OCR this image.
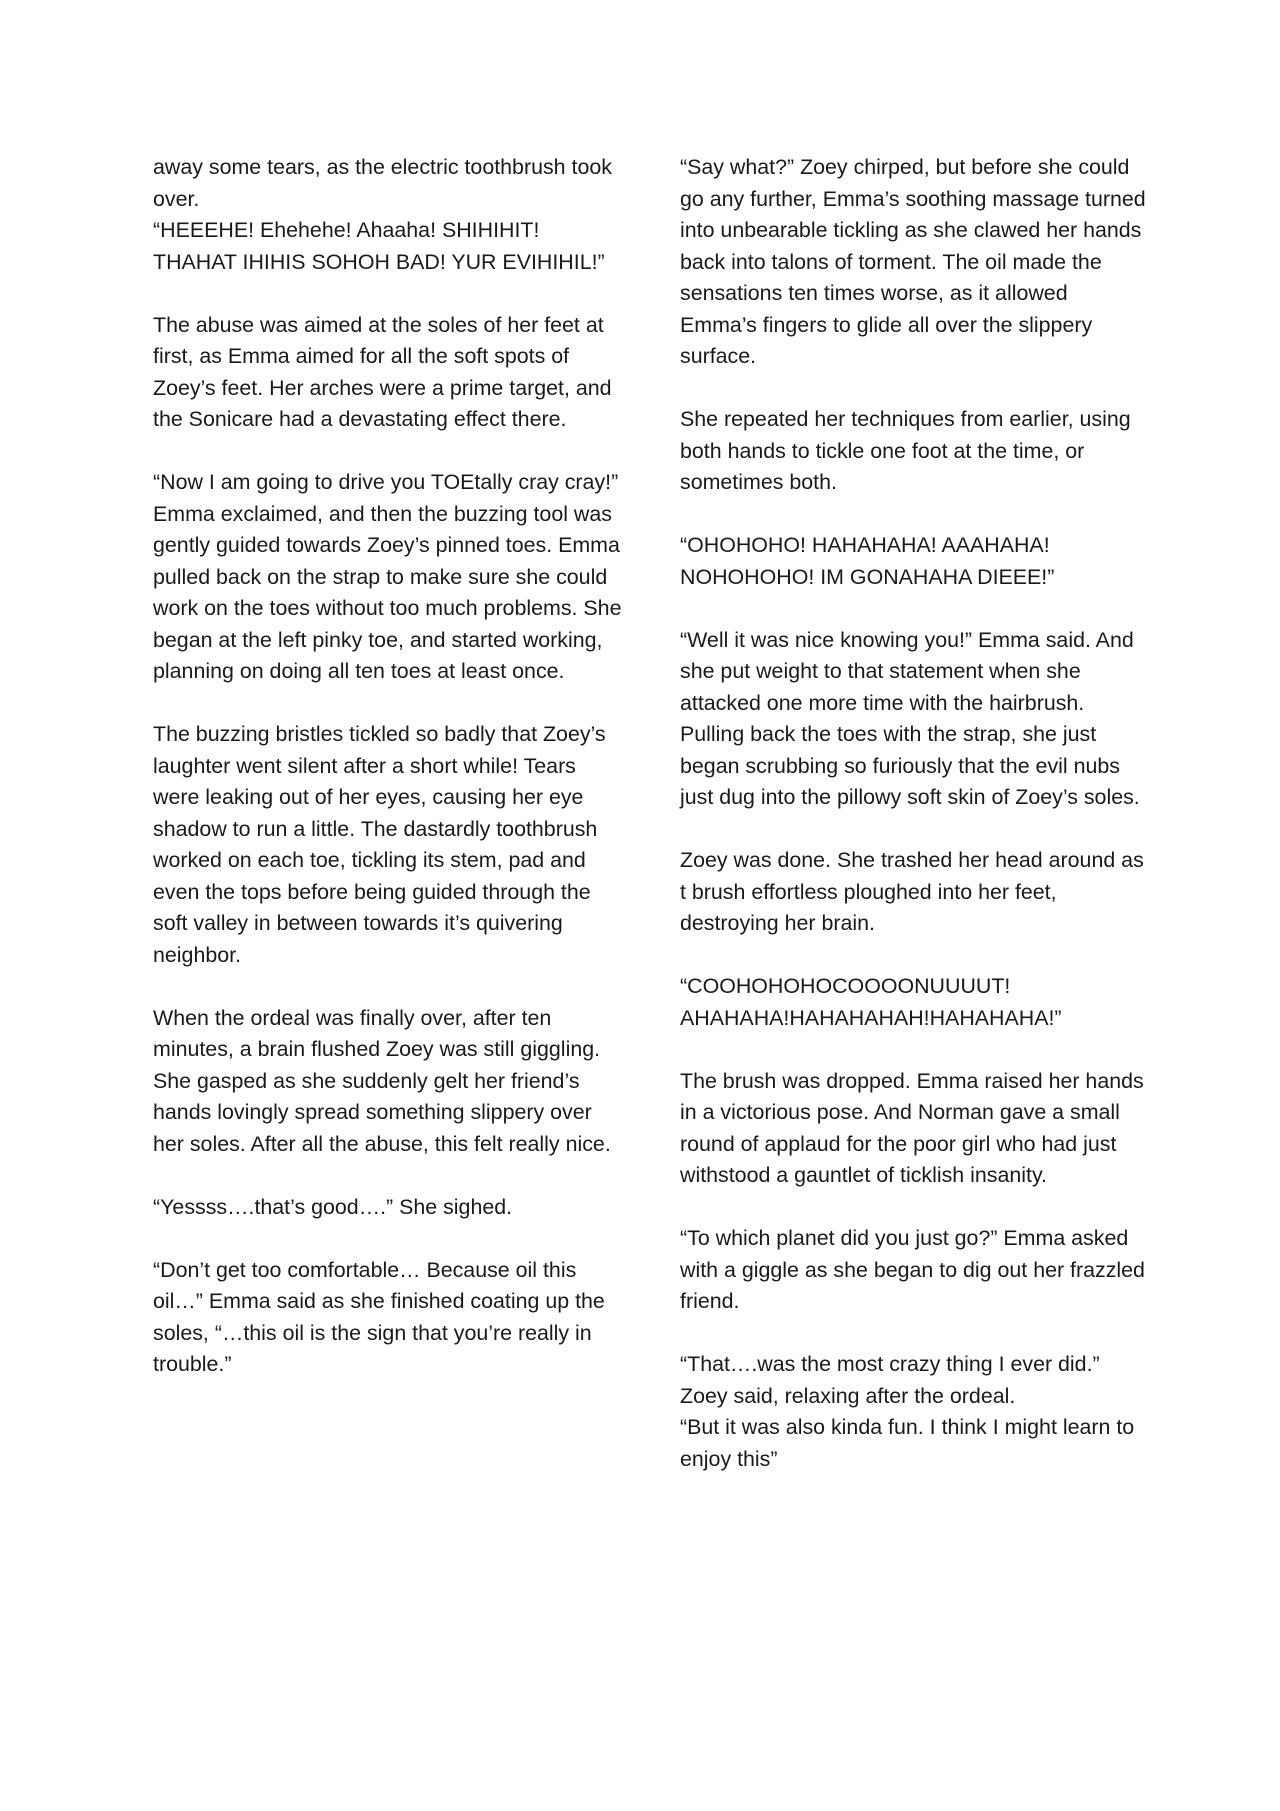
away some tears, as the electric toothbrush took over.

“HEEEHE! Ehehehe! Ahaaha! SHIHIHIT! THAHAT IHIHIS SOHOH BAD! YUR EVIHIHIL!”

The abuse was aimed at the soles of her feet at first, as Emma aimed for all the soft spots of Zoey’s feet. Her arches were a prime target, and the Sonicare had a devastating effect there.

“Now I am going to drive you TOEtally cray cray!” Emma exclaimed, and then the buzzing tool was gently guided towards Zoey’s pinned toes. Emma pulled back on the strap to make sure she could work on the toes without too much problems. She began at the left pinky toe, and started working, planning on doing all ten toes at least once.

The buzzing bristles tickled so badly that Zoey’s laughter went silent after a short while! Tears were leaking out of her eyes, causing her eye shadow to run a little. The dastardly toothbrush worked on each toe, tickling its stem, pad and even the tops before being guided through the soft valley in between towards it’s quivering neighbor.

When the ordeal was finally over, after ten minutes, a brain flushed Zoey was still giggling. She gasped as she suddenly gelt her friend’s hands lovingly spread something slippery over her soles. After all the abuse, this felt really nice.

“Yessss….that’s good….” She sighed.

“Don’t get too comfortable… Because oil this oil…” Emma said as she finished coating up the soles, “…this oil is the sign that you’re really in trouble.”

“Say what?” Zoey chirped, but before she could go any further, Emma’s soothing massage turned into unbearable tickling as she clawed her hands back into talons of torment. The oil made the sensations ten times worse, as it allowed Emma’s fingers to glide all over the slippery surface.

She repeated her techniques from earlier, using both hands to tickle one foot at the time, or sometimes both.

“OHOHOHO! HAHAHAHA! AAAHAHA! NOHOHOHO! IM GONAHAHA DIEEE!”

“Well it was nice knowing you!” Emma said. And she put weight to that statement when she attacked one more time with the hairbrush. Pulling back the toes with the strap, she just began scrubbing so furiously that the evil nubs just dug into the pillowy soft skin of Zoey’s soles.

Zoey was done. She trashed her head around as t brush effortless ploughed into her feet, destroying her brain.

“COOHOHOHOCOOOONUUUUT! AHAHAHA!HAHAHAHAH!HAHAHAHA!”

The brush was dropped. Emma raised her hands in a victorious pose. And Norman gave a small round of applaud for the poor girl who had just withstood a gauntlet of ticklish insanity.

“To which planet did you just go?” Emma asked with a giggle as she began to dig out her frazzled friend.

“That….was the most crazy thing I ever did.” Zoey said, relaxing after the ordeal.

“But it was also kinda fun. I think I might learn to enjoy this”
